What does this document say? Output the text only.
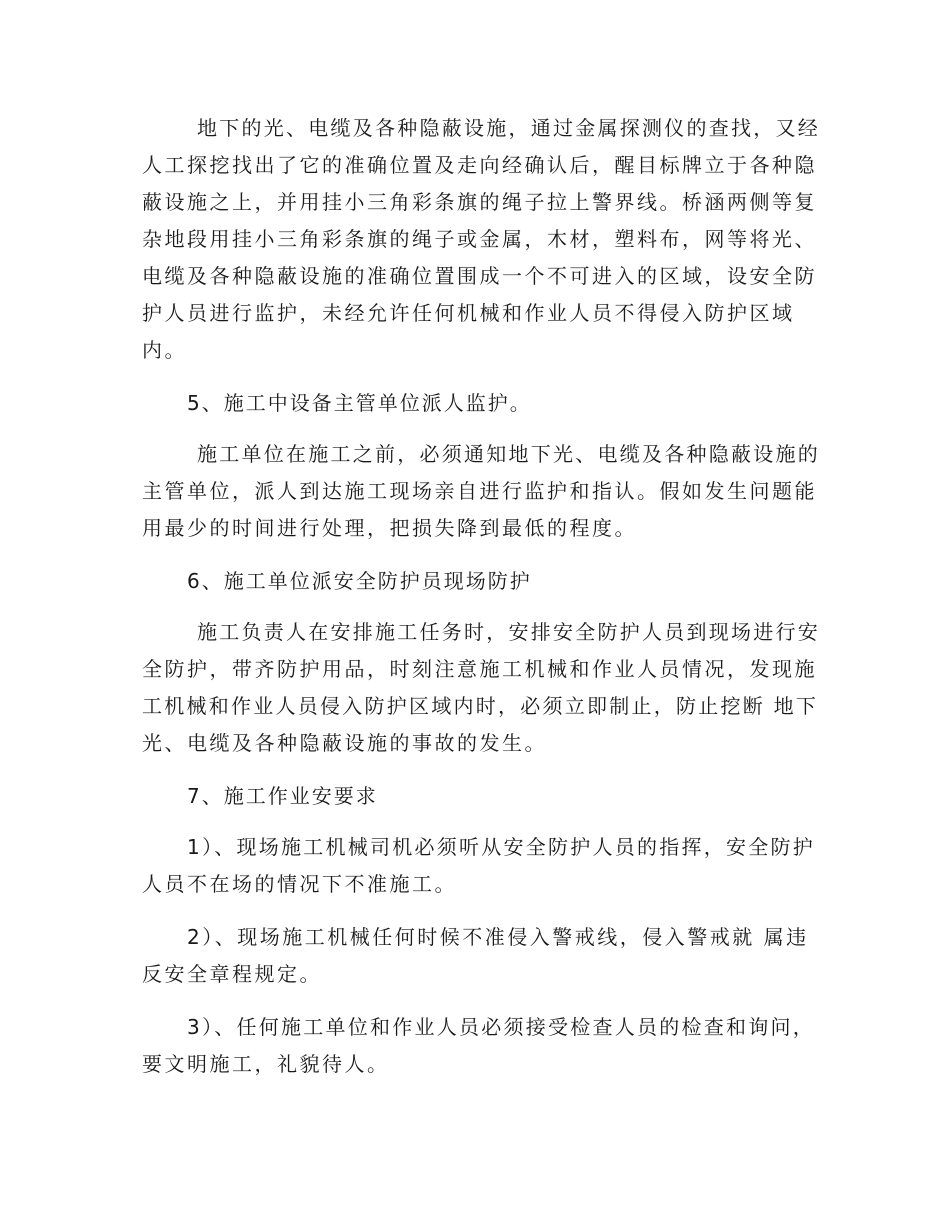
地下的光、电缆及各种隐蔽设施，通过金属探测仪的查找，又经

人工探挖找出了它的准确位置及走向经确认后，醒目标牌立于各种隐

蔽设施之上，并用挂小三角彩条旗的绳子拉上警界线。桥涵两侧等复

杂地段用挂小三角彩条旗的绳子或金属，木材，塑料布，网等将光、

电缆及各种隐蔽设施的准确位置围成一个不可进入的区域，设安全防

护人员进行监护，未经允许任何机械和作业人员不得侵入防护区域

内。

5、施工中设备主管单位派人监护。

施工单位在施工之前，必须通知地下光、电缆及各种隐蔽设施的

主管单位，派人到达施工现场亲自进行监护和指认。假如发生问题能

用最少的时间进行处理，把损失降到最低的程度。

6、施工单位派安全防护员现场防护

施工负责人在安排施工任务时，安排安全防护人员到现场进行安

全防护，带齐防护用品，时刻注意施工机械和作业人员情况，发现施

工机械和作业人员侵入防护区域内时，必须立即制止，防止挖断 地下

光、电缆及各种隐蔽设施的事故的发生。

7、施工作业安要求

1）、现场施工机械司机必须听从安全防护人员的指挥，安全防护

人员不在场的情况下不准施工。

2）、现场施工机械任何时候不准侵入警戒线，侵入警戒就 属违

反安全章程规定。

3）、任何施工单位和作业人员必须接受检查人员的检查和询问，

要文明施工，礼貌待人。
